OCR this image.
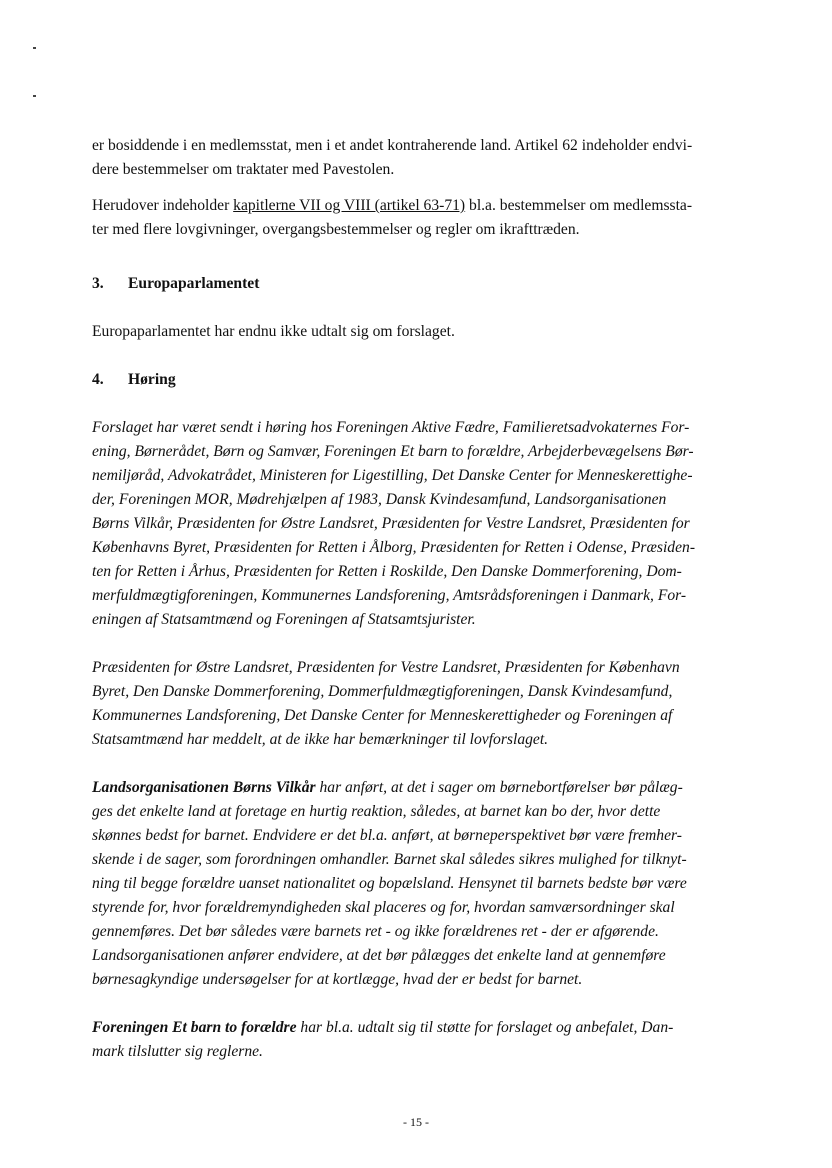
er bosiddende i en medlemsstat, men i et andet kontraherende land. Artikel 62 indeholder endvi-
dere bestemmelser om traktater med Pavestolen.

Herudover indeholder kapitlerne VII og VIII (artikel 63-71) bl.a. bestemmelser om medlemssta-
ter med flere lovgivninger, overgangsbestemmelser og regler om ikrafttræden.

3. Europaparlamentet

Europaparlamentet har endnu ikke udtalt sig om forslaget.

4. Høring

Forslaget har været sendt i høring hos Foreningen Aktive Fædre, Familieretsadvokaternes For-
ening, Børnerådet, Børn og Samvær, Foreningen Et barn to forældre, Arbejderbevægelsens Bør-
nemiljøråd, Advokatrådet, Ministeren for Ligestilling, Det Danske Center for Menneskerettighe-
der, Foreningen MOR, Mødrehjælpen af 1983, Dansk Kvindesamfund, Landsorganisationen
Børns Vilkår, Præsidenten for Østre Landsret, Præsidenten for Vestre Landsret, Præsidenten for
Københavns Byret, Præsidenten for Retten i Ålborg, Præsidenten for Retten i Odense, Præsiden-
ten for Retten i Århus, Præsidenten for Retten i Roskilde, Den Danske Dommerforening, Dom-
merfuldmægtigforeningen, Kommunernes Landsforening, Amtsrådsforeningen i Danmark, For-
eningen af Statsamtmænd og Foreningen af Statsamtsjurister.

Præsidenten for Østre Landsret, Præsidenten for Vestre Landsret, Præsidenten for København
Byret, Den Danske Dommerforening, Dommerfuldmægtigforeningen, Dansk Kvindesamfund,
Kommunernes Landsforening, Det Danske Center for Menneskerettigheder og Foreningen af
Statsamtmænd har meddelt, at de ikke har bemærkninger til lovforslaget.

Landsorganisationen Børns Vilkår har anført, at det i sager om børnebortførelser bør pålæg-
ges det enkelte land at foretage en hurtig reaktion, således, at barnet kan bo der, hvor dette
skønnes bedst for barnet. Endvidere er det bl.a. anført, at børneperspektivet bør være fremher-
skende i de sager, som forordningen omhandler. Barnet skal således sikres mulighed for tilknyt-
ning til begge forældre uanset nationalitet og bopælsland. Hensynet til barnets bedste bør være
styrende for, hvor forældremyndigheden skal placeres og for, hvordan samværsordninger skal
gennemføres. Det bør således være barnets ret - og ikke forældrenes ret - der er afgørende.
Landsorganisationen anfører endvidere, at det bør pålægges det enkelte land at gennemføre
børnesagkyndige undersøgelser for at kortlægge, hvad der er bedst for barnet.

Foreningen Et barn to forældre har bl.a. udtalt sig til støtte for forslaget og anbefalet, Dan-
mark tilslutter sig reglerne.

- 15 -
